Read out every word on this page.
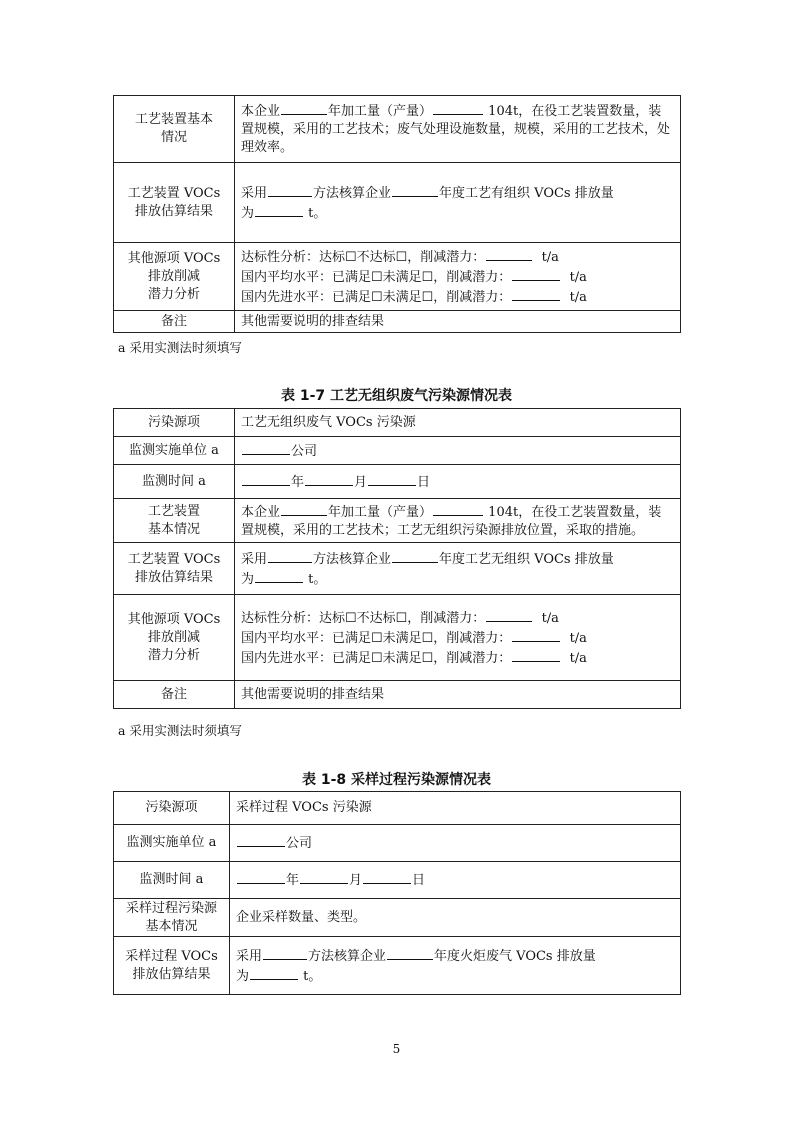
工艺装置基本
情况	本企业 年加工量（产量） 104t，在役工艺装置数量，装置规模，采用的工艺技术；废气处理设施数量，规模，采用的工艺技术，处理效率。

工艺装置 VOCs
排放估算结果	采用 方法核算企业 年度工艺有组织 VOCs 排放量
为 t。

其他源项 VOCs
排放削减
潜力分析	达标性分析：达标☐不达标☐，削减潜力： t/a
国内平均水平：已满足☐未满足☐，削减潜力： t/a
国内先进水平：已满足☐未满足☐，削减潜力： t/a

备注	其他需要说明的排查结果
a 采用实测法时须填写
表 1-7 工艺无组织废气污染源情况表
污染源项	工艺无组织废气 VOCs 污染源
监测实施单位 a	公司
监测时间 a	年 月 日
工艺装置
基本情况	本企业 年加工量（产量） 104t，在役工艺装置数量，装置规模，采用的工艺技术；工艺无组织污染源排放位置，采取的措施。

工艺装置 VOCs
排放估算结果	采用 方法核算企业 年度工艺无组织 VOCs 排放量
为 t。

其他源项 VOCs
排放削减
潜力分析	达标性分析：达标☐不达标☐，削减潜力： t/a
国内平均水平：已满足☐未满足☐，削减潜力： t/a
国内先进水平：已满足☐未满足☐，削减潜力： t/a

备注	其他需要说明的排查结果
a 采用实测法时须填写
表 1-8 采样过程污染源情况表
污染源项	采样过程 VOCs 污染源
监测实施单位 a	公司
监测时间 a	年 月 日
采样过程污染源
基本情况	企业采样数量、类型。
采样过程 VOCs
排放估算结果	采用 方法核算企业 年度火炬废气 VOCs 排放量
为 t。
5
